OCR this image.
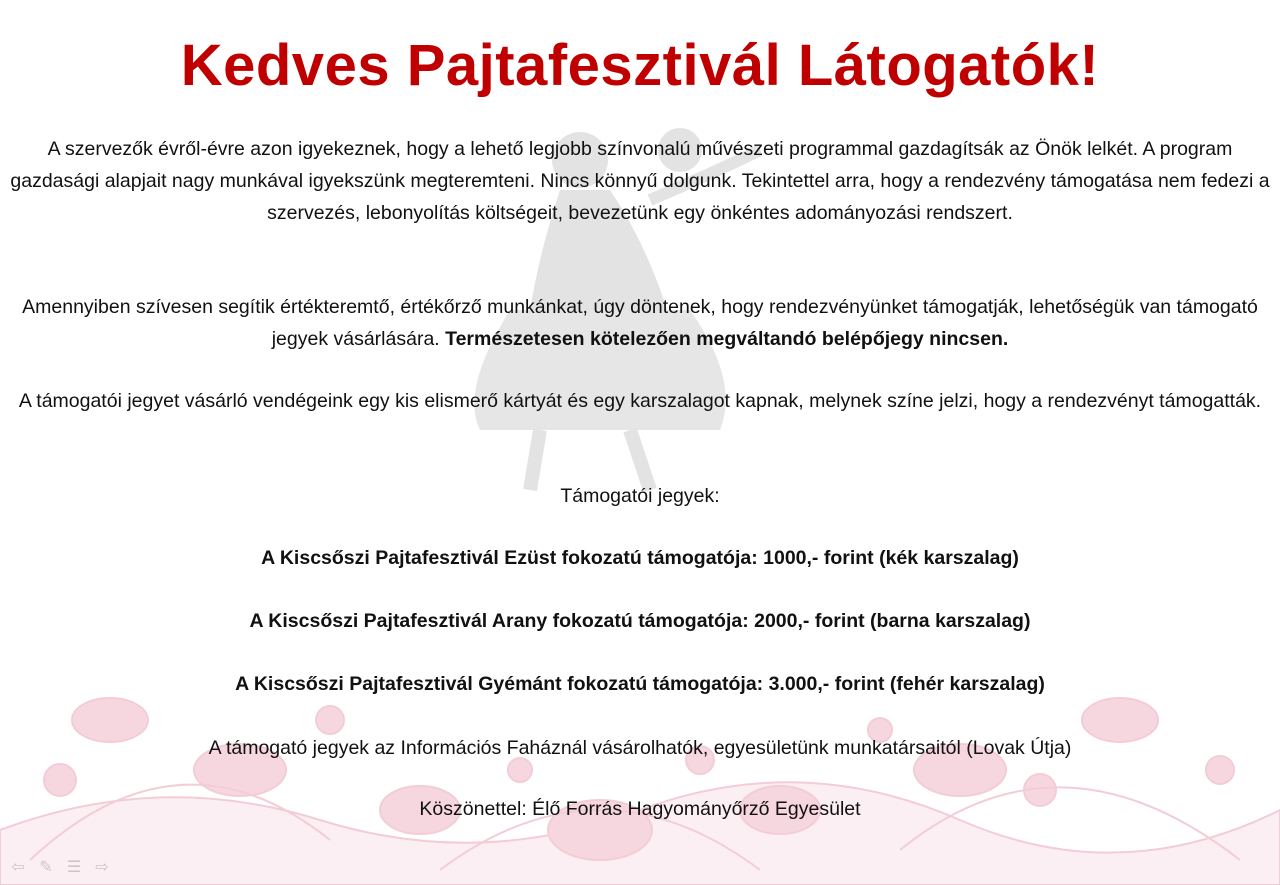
Kedves Pajtafesztivál Látogatók!

A szervezők évről-évre azon igyekeznek, hogy a lehető legjobb színvonalú művészeti programmal gazdagítsák az Önök lelkét. A program gazdasági alapjait nagy munkával igyekszünk megteremteni. Nincs könnyű dolgunk. Tekintettel arra, hogy a rendezvény támogatása nem fedezi a szervezés, lebonyolítás költségeit, bevezetünk egy önkéntes adományozási rendszert.

Amennyiben szívesen segítik értékteremtő, értékőrző munkánkat, úgy döntenek, hogy rendezvényünket támogatják, lehetőségük van támogató jegyek vásárlására. Természetesen kötelezően megváltandó belépőjegy nincsen.

A támogatói jegyet vásárló vendégeink egy kis elismerő kártyát és egy karszalagot kapnak, melynek színe jelzi, hogy a rendezvényt támogatták.

Támogatói jegyek:

A Kiscsőszi Pajtafesztivál Ezüst fokozatú támogatója: 1000,- forint (kék karszalag)

A Kiscsőszi Pajtafesztivál Arany fokozatú támogatója: 2000,- forint (barna karszalag)

A Kiscsőszi Pajtafesztivál Gyémánt fokozatú támogatója: 3.000,- forint (fehér karszalag)

A támogató jegyek az Információs Faháznál vásárolhatók, egyesületünk munkatársaitól (Lovak Útja)

Köszönettel: Élő Forrás Hagyományőrző Egyesület

⇦ ✎ ☰ ⇨
